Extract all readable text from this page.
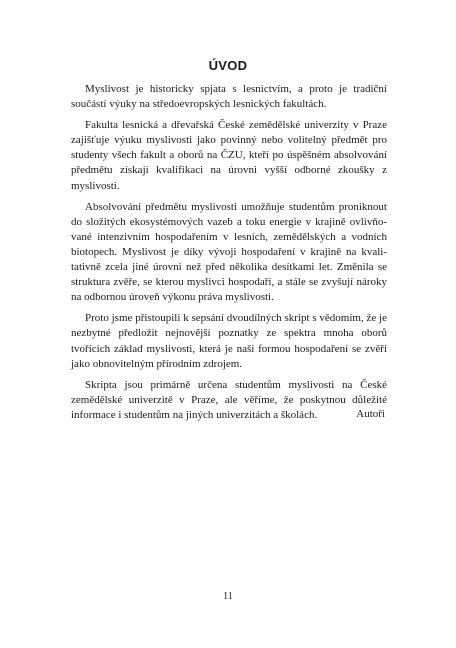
ÚVOD

Myslivost je historicky spjata s lesnictvím, a proto je tradiční součástí výuky na středoevropských lesnických fakultách.

Fakulta lesnická a dřevařská České zemědělské univerzity v Praze zajišťuje výuku myslivosti jako povinný nebo volitelný předmět pro studenty všech fakult a oborů na ČZU, kteří po úspěšném absolvování předmětu získají kvalifikaci na úrovni vyšší odborné zkoušky z myslivosti.

Absolvování předmětu myslivosti umožňuje studentům proniknout do složitých ekosystémových vazeb a toku energie v krajině ovlivňované intenzivním hospodařením v lesních, zemědělských a vodních biotopech. Myslivost je díky vývoji hospodaření v krajině na kvalitativně zcela jiné úrovni než před několika desítkami let. Změnila se struktura zvěře, se kterou myslivci hospodaří, a stále se zvyšují nároky na odbornou úroveň výkonu práva myslivosti.

Proto jsme přistoupili k sepsání dvoudílných skript s vědomím, že je nezbytné předložit nejnovější poznatky ze spektra mnoha oborů tvořících základ myslivosti, která je naší formou hospodaření se zvěří jako obnovitelným přírodním zdrojem.

Skripta jsou primárně určena studentům myslivosti na České zemědělské univerzitě v Praze, ale věříme, že poskytnou důležité informace i studentům na jiných univerzitách a školách.	Autoři
11
